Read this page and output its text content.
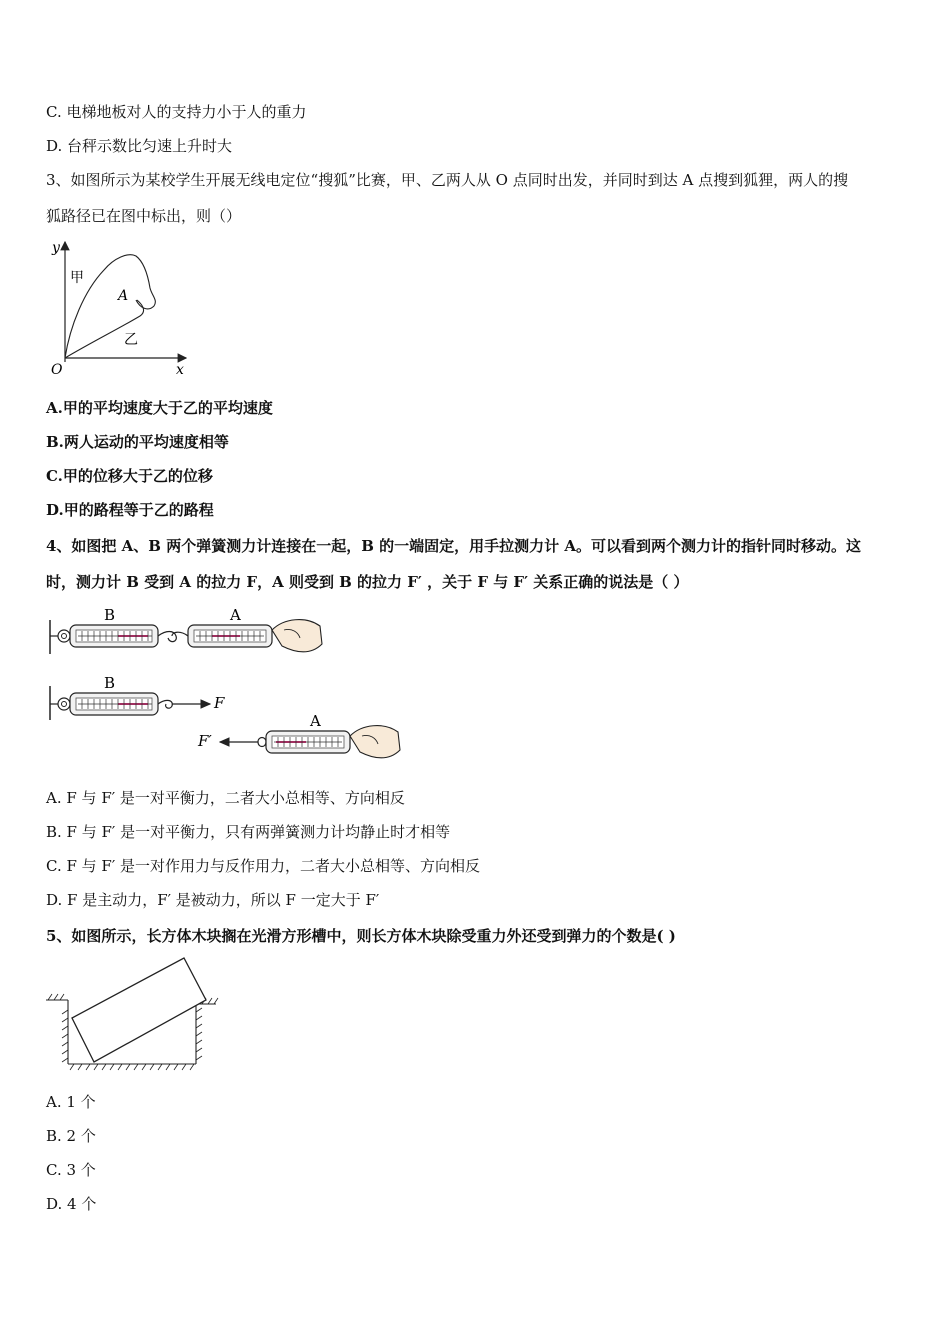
C. 电梯地板对人的支持力小于人的重力
D. 台秤示数比匀速上升时大
3、如图所示为某校学生开展无线电定位“搜狐”比赛，甲、乙两人从 O 点同时出发，并同时到达 A 点搜到狐狸，两人的搜
狐路径已在图中标出，则（）
y
甲
A
乙
O	x
A.甲的平均速度大于乙的平均速度
B.两人运动的平均速度相等
C.甲的位移大于乙的位移
D.甲的路程等于乙的路程
4、如图把 A、B 两个弹簧测力计连接在一起，B 的一端固定，用手拉测力计 A。可以看到两个测力计的指针同时移动。这
时，测力计 B 受到 A 的拉力 F，A 则受到 B 的拉力 F′ ，关于 F 与 F′ 关系正确的说法是（ ）
B	A
F
B
F′
A
A. F 与 F′ 是一对平衡力，二者大小总相等、方向相反
B. F 与 F′ 是一对平衡力，只有两弹簧测力计均静止时才相等
C. F 与 F′ 是一对作用力与反作用力，二者大小总相等、方向相反
D. F 是主动力，F′ 是被动力，所以 F 一定大于 F′
5、如图所示，长方体木块搁在光滑方形槽中，则长方体木块除受重力外还受到弹力的个数是( )
A. 1 个
B. 2 个
C. 3 个
D. 4 个
